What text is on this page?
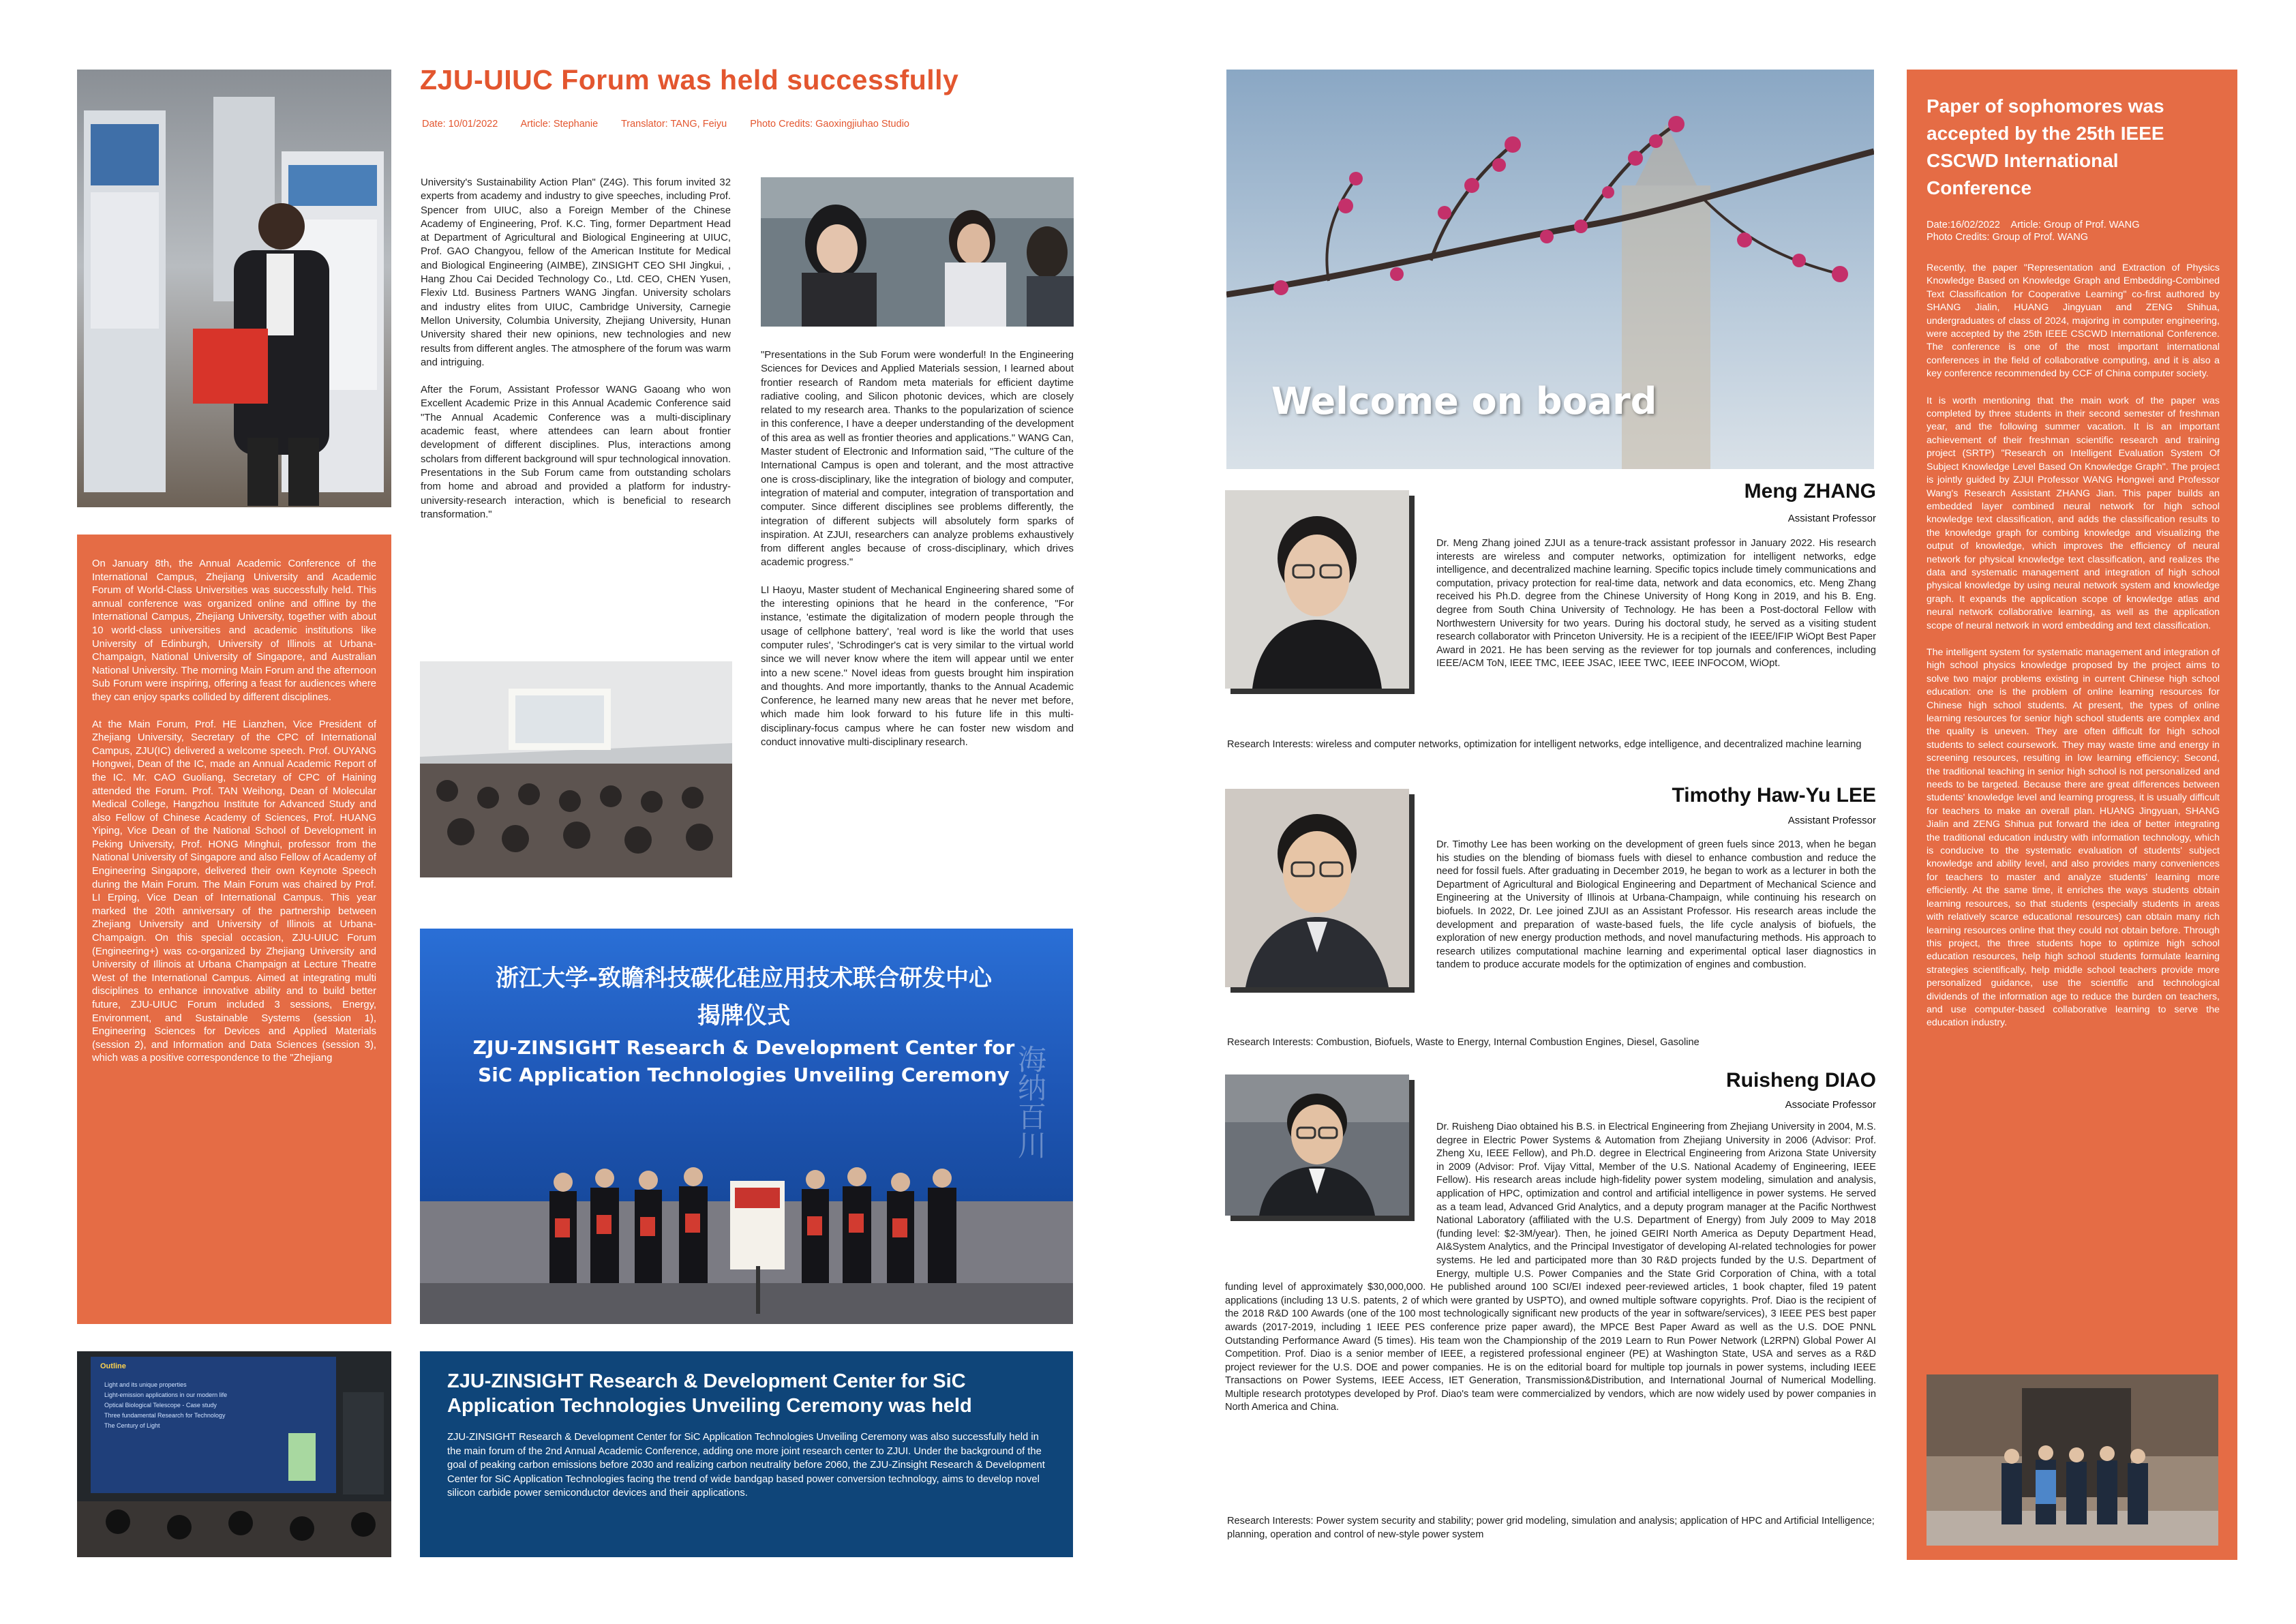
ZJU-UIUC Forum was held successfully
Date: 10/01/2022 Article: Stephanie Translator: TANG, Feiyu Photo Credits: Gaoxingjiuhao Studio

On January 8th, the Annual Academic Conference of the International Campus, Zhejiang University and Academic Forum of World-Class Universities was successfully held. This annual conference was organized online and offline by the International Campus, Zhejiang University, together with about 10 world-class universities and academic institutions like University of Edinburgh, University of Illinois at Urbana-Champaign, National University of Singapore, and Australian National University. The morning Main Forum and the afternoon Sub Forum were inspiring, offering a feast for audiences where they can enjoy sparks collided by different disciplines.

At the Main Forum, Prof. HE Lianzhen, Vice President of Zhejiang University, Secretary of the CPC of International Campus, ZJU(IC) delivered a welcome speech. Prof. OUYANG Hongwei, Dean of the IC, made an Annual Academic Report of the IC. Mr. CAO Guoliang, Secretary of CPC of Haining attended the Forum. Prof. TAN Weihong, Dean of Molecular Medical College, Hangzhou Institute for Advanced Study and also Fellow of Chinese Academy of Sciences, Prof. HUANG Yiping, Vice Dean of the National School of Development in Peking University, Prof. HONG Minghui, professor from the National University of Singapore and also Fellow of Academy of Engineering Singapore, delivered their own Keynote Speech during the Main Forum. The Main Forum was chaired by Prof. LI Erping, Vice Dean of International Campus. This year marked the 20th anniversary of the partnership between Zhejiang University and University of Illinois at Urbana-Champaign. On this special occasion, ZJU-UIUC Forum (Engineering+) was co-organized by Zhejiang University and University of Illinois at Urbana Champaign at Lecture Theatre West of the International Campus. Aimed at integrating multi disciplines to enhance innovative ability and to build better future, ZJU-UIUC Forum included 3 sessions, Energy, Environment, and Sustainable Systems (session 1), Engineering Sciences for Devices and Applied Materials (session 2), and Information and Data Sciences (session 3), which was a positive correspondence to the "Zhejiang

University's Sustainability Action Plan" (Z4G). This forum invited 32 experts from academy and industry to give speeches, including Prof. Spencer from UIUC, also a Foreign Member of the Chinese Academy of Engineering, Prof. K.C. Ting, former Department Head at Department of Agricultural and Biological Engineering at UIUC, Prof. GAO Changyou, fellow of the American Institute for Medical and Biological Engineering (AIMBE), ZINSIGHT CEO SHI Jingkui, , Hang Zhou Cai Decided Technology Co., Ltd. CEO, CHEN Yusen, Flexiv Ltd. Business Partners WANG Jingfan. University scholars and industry elites from UIUC, Cambridge University, Carnegie Mellon University, Columbia University, Zhejiang University, Hunan University shared their new opinions, new technologies and new results from different angles. The atmosphere of the forum was warm and intriguing.

After the Forum, Assistant Professor WANG Gaoang who won Excellent Academic Prize in this Annual Academic Conference said "The Annual Academic Conference was a multi-disciplinary academic feast, where attendees can learn about frontier development of different disciplines. Plus, interactions among scholars from different background will spur technological innovation. Presentations in the Sub Forum came from outstanding scholars from home and abroad and provided a platform for industry-university-research interaction, which is beneficial to research transformation."

"Presentations in the Sub Forum were wonderful! In the Engineering Sciences for Devices and Applied Materials session, I learned about frontier research of Random meta materials for efficient daytime radiative cooling, and Silicon photonic devices, which are closely related to my research area. Thanks to the popularization of science in this conference, I have a deeper understanding of the development of this area as well as frontier theories and applications." WANG Can, Master student of Electronic and Information said, "The culture of the International Campus is open and tolerant, and the most attractive one is cross-disciplinary, like the integration of biology and computer, integration of material and computer, integration of transportation and computer. Since different disciplines see problems differently, the integration of different subjects will absolutely form sparks of inspiration. At ZJUI, researchers can analyze problems exhaustively from different angles because of cross-disciplinary, which drives academic progress."

LI Haoyu, Master student of Mechanical Engineering shared some of the interesting opinions that he heard in the conference, "For instance, 'estimate the digitalization of modern people through the usage of cellphone battery', 'real word is like the world that uses computer rules', 'Schrodinger's cat is very similar to the virtual world since we will never know where the item will appear until we enter into a new scene." Novel ideas from guests brought him inspiration and thoughts. And more importantly, thanks to the Annual Academic Conference, he learned many new areas that he never met before, which made him look forward to his future life in this multi-disciplinary-focus campus where he can foster new wisdom and conduct innovative multi-disciplinary research.

海纳百川
浙江大学-致瞻科技碳化硅应用技术联合研发中心
揭牌仪式
ZJU-ZINSIGHT Research & Development Center for
SiC Application Technologies Unveiling Ceremony
Outline
Light and its unique properties
Light-emission applications in our modern life
Optical Biological Telescope - Case study
Three fundamental Research for Technology
The Century of Light
ZJU-ZINSIGHT Research & Development Center for SiC Application Technologies Unveiling Ceremony was held
ZJU-ZINSIGHT Research & Development Center for SiC Application Technologies Unveiling Ceremony was also successfully held in the main forum of the 2nd Annual Academic Conference, adding one more joint research center to ZJUI. Under the background of the goal of peaking carbon emissions before 2030 and realizing carbon neutrality before 2060, the ZJU-Zinsight Research & Development Center for SiC Application Technologies facing the trend of wide bandgap based power conversion technology, aims to develop novel silicon carbide power semiconductor devices and their applications.
Welcome on board
Meng ZHANG
Assistant Professor

Dr. Meng Zhang joined ZJUI as a tenure-track assistant professor in January 2022. His research interests are wireless and computer networks, optimization for intelligent networks, edge intelligence, and decentralized machine learning. Specific topics include timely communications and computation, privacy protection for real-time data, network and data economics, etc. Meng Zhang received his Ph.D. degree from the Chinese University of Hong Kong in 2019, and his B. Eng. degree from South China University of Technology. He has been a Post-doctoral Fellow with Northwestern University for two years. During his doctoral study, he served as a visiting student research collaborator with Princeton University. He is a recipient of the IEEE/IFIP WiOpt Best Paper Award in 2021. He has been serving as the reviewer for top journals and conferences, including IEEE/ACM ToN, IEEE TMC, IEEE JSAC, IEEE TWC, IEEE INFOCOM, WiOpt.

Research Interests: wireless and computer networks, optimization for intelligent networks, edge intelligence, and decentralized machine learning
Timothy Haw-Yu LEE
Assistant Professor

Dr. Timothy Lee has been working on the development of green fuels since 2013, when he began his studies on the blending of biomass fuels with diesel to enhance combustion and reduce the need for fossil fuels. After graduating in December 2019, he began to work as a lecturer in both the Department of Agricultural and Biological Engineering and Department of Mechanical Science and Engineering at the University of Illinois at Urbana-Champaign, while continuing his research on biofuels. In 2022, Dr. Lee joined ZJUI as an Assistant Professor. His research areas include the development and preparation of waste-based fuels, the life cycle analysis of biofuels, the exploration of new energy production methods, and novel manufacturing methods. His approach to research utilizes computational machine learning and experimental optical laser diagnostics in tandem to produce accurate models for the optimization of engines and combustion.

Research Interests: Combustion, Biofuels, Waste to Energy, Internal Combustion Engines, Diesel, Gasoline
Ruisheng DIAO
Associate Professor

Dr. Ruisheng Diao obtained his B.S. in Electrical Engineering from Zhejiang University in 2004, M.S. degree in Electric Power Systems & Automation from Zhejiang University in 2006 (Advisor: Prof. Zheng Xu, IEEE Fellow), and Ph.D. degree in Electrical Engineering from Arizona State University in 2009 (Advisor: Prof. Vijay Vittal, Member of the U.S. National Academy of Engineering, IEEE Fellow). His research areas include high-fidelity power system modeling, simulation and analysis, application of HPC, optimization and control and artificial intelligence in power systems. He served as a team lead, Advanced Grid Analytics, and a deputy program manager at the Pacific Northwest National Laboratory (affiliated with the U.S. Department of Energy) from July 2009 to May 2018 (funding level: $2-3M/year). Then, he joined GEIRI North America as Deputy Department Head, AI&System Analytics, and the Principal Investigator of developing AI-related technologies for power systems. He led and participated more than 30 R&D projects funded by the U.S. Department of Energy, multiple U.S. Power Companies and the State Grid Corporation of China, with a total funding level of approximately $30,000,000. He published around 100 SCI/EI indexed peer-reviewed articles, 1 book chapter, filed 19 patent applications (including 13 U.S. patents, 2 of which were granted by USPTO), and owned multiple software copyrights. Prof. Diao is the recipient of the 2018 R&D 100 Awards (one of the 100 most technologically significant new products of the year in software/services), 3 IEEE PES best paper awards (2017-2019, including 1 IEEE PES conference prize paper award), the MPCE Best Paper Award as well as the U.S. DOE PNNL Outstanding Performance Award (5 times). His team won the Championship of the 2019 Learn to Run Power Network (L2RPN) Global Power AI Competition. Prof. Diao is a senior member of IEEE, a registered professional engineer (PE) at Washington State, USA and serves as a R&D project reviewer for the U.S. DOE and power companies. He is on the editorial board for multiple top journals in power systems, including IEEE Transactions on Power Systems, IEEE Access, IET Generation, Transmission&Distribution, and International Journal of Numerical Modelling. Multiple research prototypes developed by Prof. Diao's team were commercialized by vendors, which are now widely used by power companies in North America and China.

Research Interests: Power system security and stability; power grid modeling, simulation and analysis; application of HPC and Artificial Intelligence; planning, operation and control of new-style power system
Paper of sophomores was accepted by the 25th IEEE CSCWD International Conference
Date:16/02/2022    Article: Group of Prof. WANG
Photo Credits: Group of Prof. WANG

Recently, the paper "Representation and Extraction of Physics Knowledge Based on Knowledge Graph and Embedding-Combined Text Classification for Cooperative Learning" co-first authored by SHANG Jialin, HUANG Jingyuan and ZENG Shihua, undergraduates of class of 2024, majoring in computer engineering, were accepted by the 25th IEEE CSCWD International Conference. The conference is one of the most important international conferences in the field of collaborative computing, and it is also a key conference recommended by CCF of China computer society.

It is worth mentioning that the main work of the paper was completed by three students in their second semester of freshman year, and the following summer vacation. It is an important achievement of their freshman scientific research and training project (SRTP) "Research on Intelligent Evaluation System Of Subject Knowledge Level Based On Knowledge Graph". The project is jointly guided by ZJUI Professor WANG Hongwei and Professor Wang's Research Assistant ZHANG Jian. This paper builds an embedded layer combined neural network for high school knowledge text classification, and adds the classification results to the knowledge graph for combing knowledge and visualizing the output of knowledge, which improves the efficiency of neural network for physical knowledge text classification, and realizes the data and systematic management and integration of high school physical knowledge by using neural network system and knowledge graph. It expands the application scope of knowledge atlas and neural network collaborative learning, as well as the application scope of neural network in word embedding and text classification.

The intelligent system for systematic management and integration of high school physics knowledge proposed by the project aims to solve two major problems existing in current Chinese high school education: one is the problem of online learning resources for Chinese high school students. At present, the types of online learning resources for senior high school students are complex and the quality is uneven. They are often difficult for high school students to select coursework. They may waste time and energy in screening resources, resulting in low learning efficiency; Second, the traditional teaching in senior high school is not personalized and needs to be targeted. Because there are great differences between students' knowledge level and learning progress, it is usually difficult for teachers to make an overall plan. HUANG Jingyuan, SHANG Jialin and ZENG Shihua put forward the idea of better integrating the traditional education industry with information technology, which is conducive to the systematic evaluation of students' subject knowledge and ability level, and also provides many conveniences for teachers to master and analyze students' learning more efficiently. At the same time, it enriches the ways students obtain learning resources, so that students (especially students in areas with relatively scarce educational resources) can obtain many rich learning resources online that they could not obtain before. Through this project, the three students hope to optimize high school education resources, help high school students formulate learning strategies scientifically, help middle school teachers provide more personalized guidance, use the scientific and technological dividends of the information age to reduce the burden on teachers, and use computer-based collaborative learning to serve the education industry.
